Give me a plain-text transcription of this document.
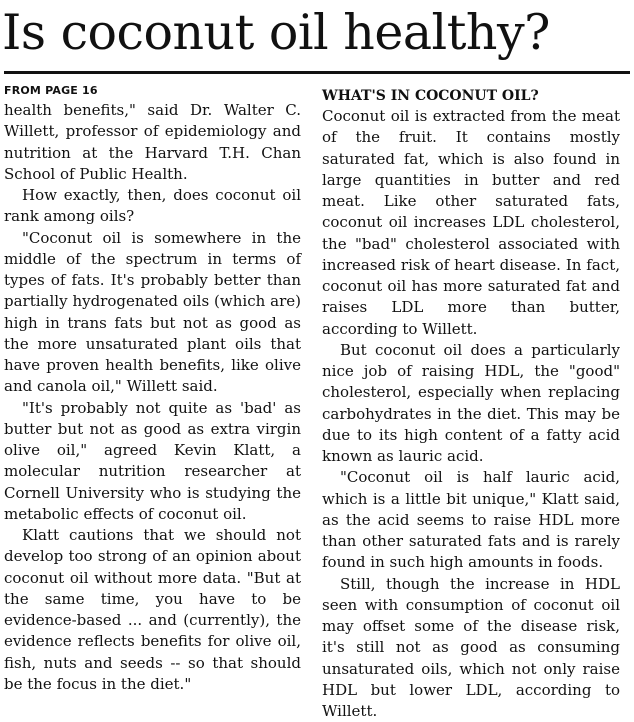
Is coconut oil healthy?
FROM PAGE 16

health benefits," said Dr. Walter C. Willett, professor of epidemiology and nutrition at the Harvard T.H. Chan School of Public Health.

How exactly, then, does coconut oil rank among oils?

"Coconut oil is somewhere in the middle of the spectrum in terms of types of fats. It's probably better than partially hydrogenated oils (which are) high in trans fats but not as good as the more unsaturated plant oils that have proven health benefits, like olive and canola oil," Willett said.

"It's probably not quite as 'bad' as butter but not as good as extra virgin olive oil," agreed Kevin Klatt, a molecular nutrition researcher at Cornell University who is studying the metabolic effects of coconut oil.

Klatt cautions that we should not develop too strong of an opinion about coconut oil without more data. "But at the same time, you have to be evidence-based ... and (currently), the evidence reflects benefits for olive oil, fish, nuts and seeds -- so that should be the focus in the diet."

WHAT'S IN COCONUT OIL?

Coconut oil is extracted from the meat of the fruit. It contains mostly saturated fat, which is also found in large quantities in butter and red meat. Like other saturated fats, coconut oil increases LDL cholesterol, the "bad" cholesterol associated with increased risk of heart disease. In fact, coconut oil has more saturated fat and raises LDL more than butter, according to Willett.

But coconut oil does a particularly nice job of raising HDL, the "good" cholesterol, especially when replacing carbohydrates in the diet. This may be due to its high content of a fatty acid known as lauric acid.

"Coconut oil is half lauric acid, which is a little bit unique," Klatt said, as the acid seems to raise HDL more than other saturated fats and is rarely found in such high amounts in foods.

Still, though the increase in HDL seen with consumption of coconut oil may offset some of the disease risk, it's still not as good as consuming unsaturated oils, which not only raise HDL but lower LDL, according to Willett.
